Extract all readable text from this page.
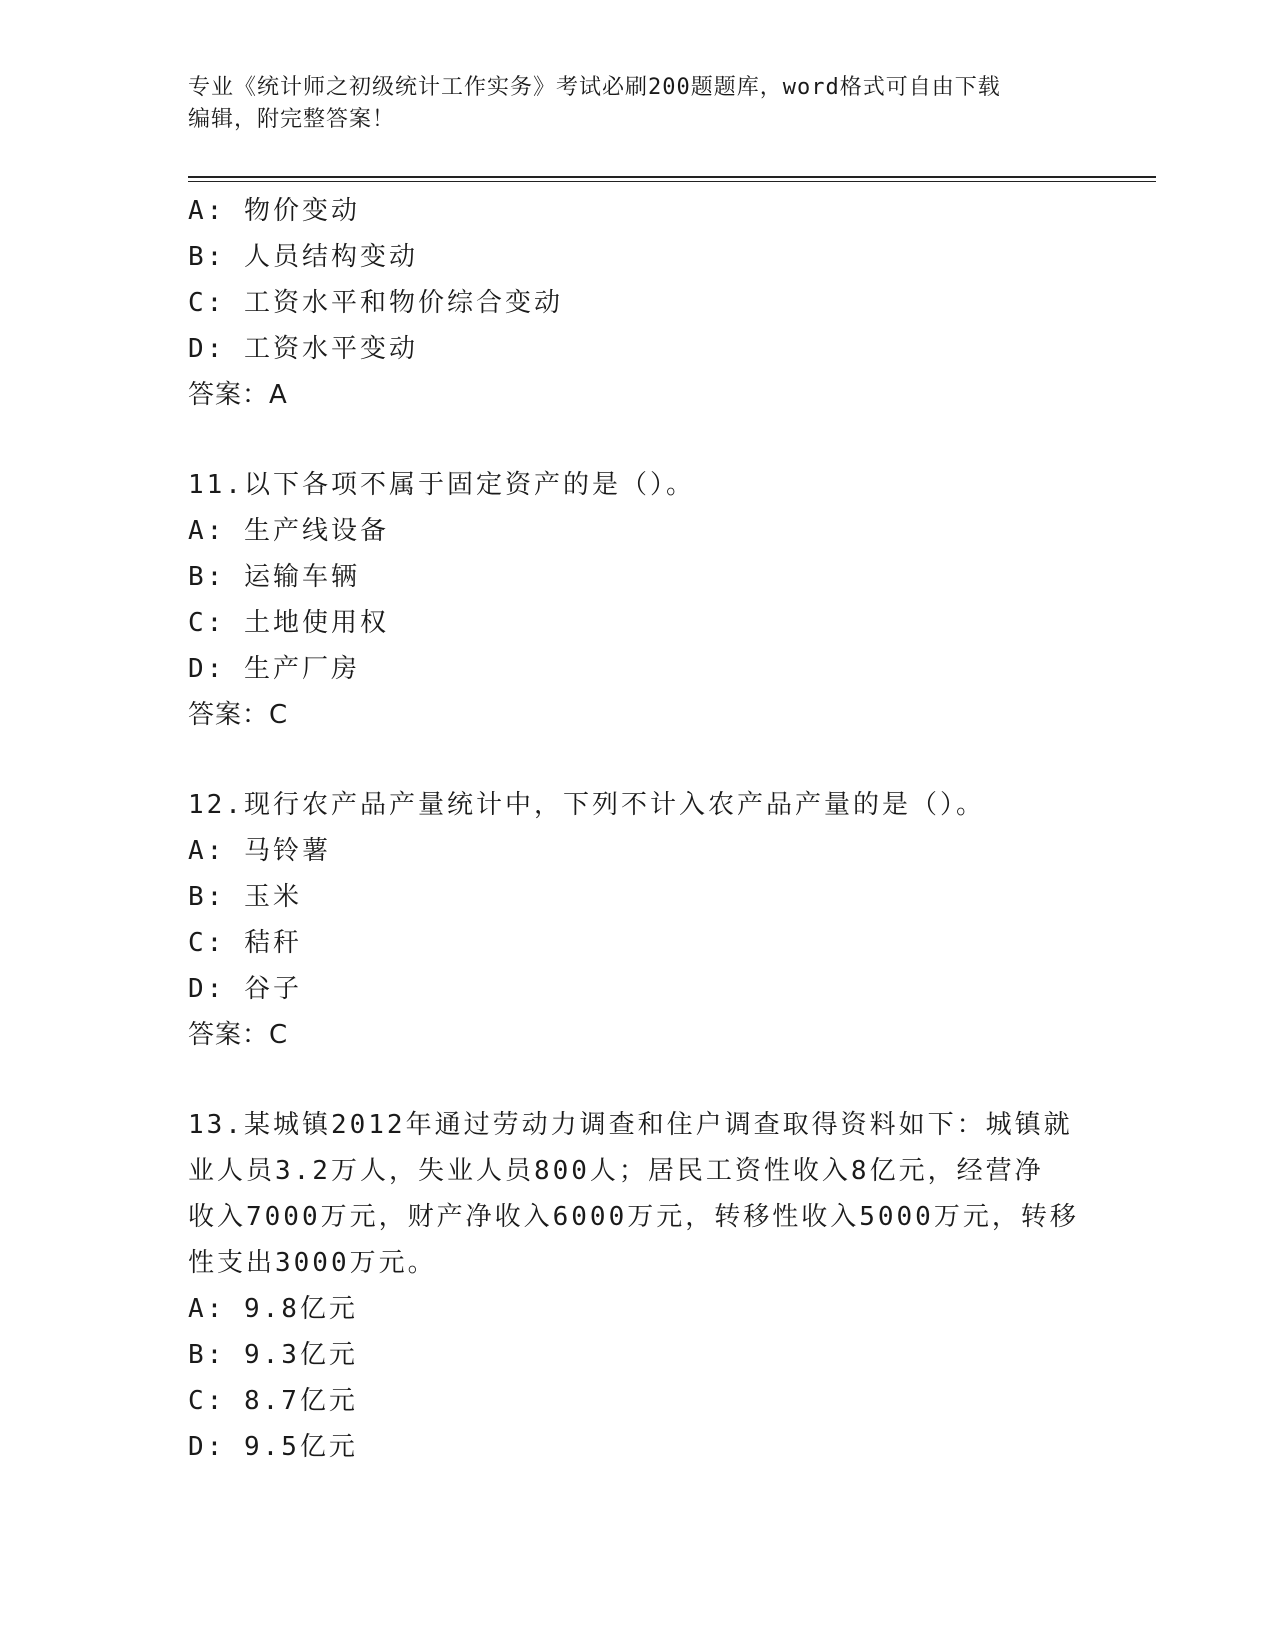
专业《统计师之初级统计工作实务》考试必刷200题题库，word格式可自由下载
编辑，附完整答案！
A: 物价变动
B: 人员结构变动
C: 工资水平和物价综合变动
D: 工资水平变动
答案：A
11.以下各项不属于固定资产的是（）。
A: 生产线设备
B: 运输车辆
C: 土地使用权
D: 生产厂房
答案：C
12.现行农产品产量统计中，下列不计入农产品产量的是（）。
A: 马铃薯
B: 玉米
C: 秸秆
D: 谷子
答案：C
13.某城镇2012年通过劳动力调查和住户调查取得资料如下：城镇就
业人员3.2万人，失业人员800人；居民工资性收入8亿元，经营净
收入7000万元，财产净收入6000万元，转移性收入5000万元，转移
性支出3000万元。
A: 9.8亿元
B: 9.3亿元
C: 8.7亿元
D: 9.5亿元
